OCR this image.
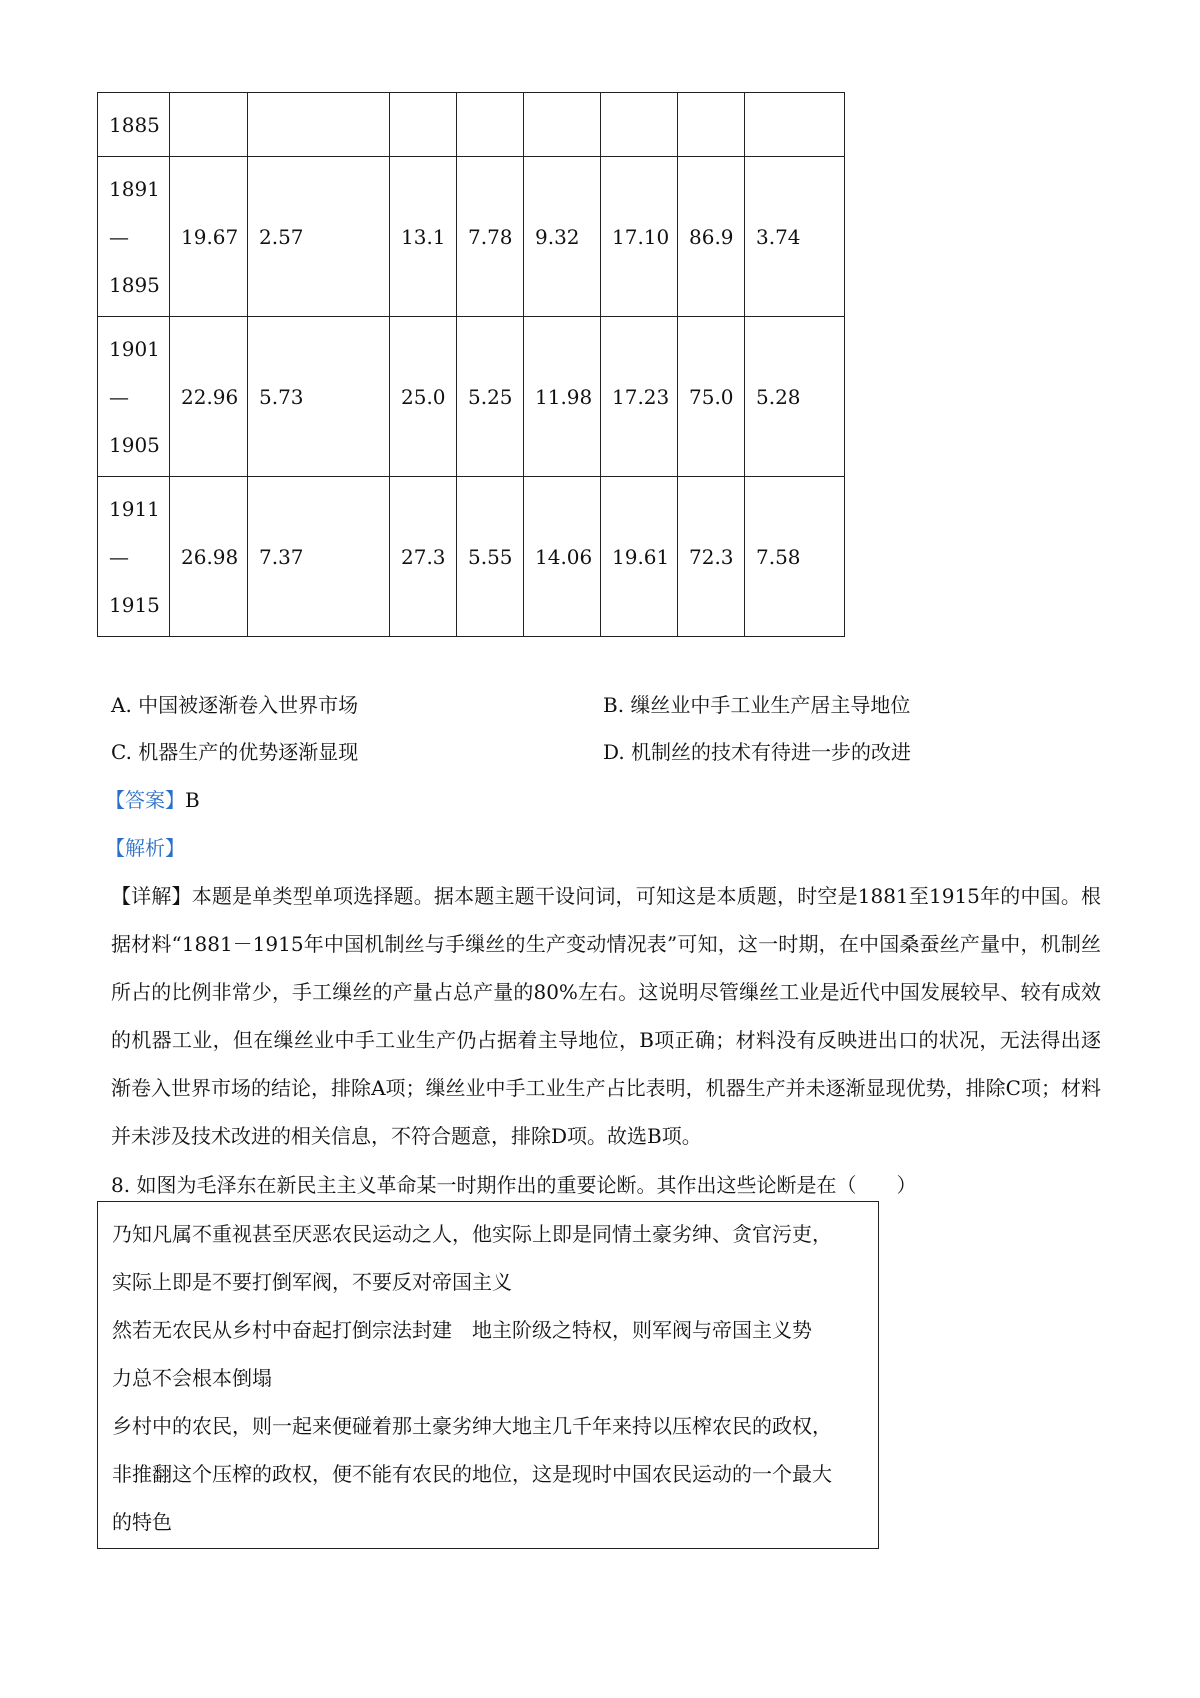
1885								

1891
—
1895	19.67	2.57	13.1	7.78	9.32	17.10	86.9	3.74

1901
—
1905	22.96	5.73	25.0	5.25	11.98	17.23	75.0	5.28

1911
—
1915	26.98	7.37	27.3	5.55	14.06	19.61	72.3	7.58
A. 中国被逐渐卷入世界市场	B. 缫丝业中手工业生产居主导地位
C. 机器生产的优势逐渐显现	D. 机制丝的技术有待进一步的改进
【答案】B
【解析】
【详解】本题是单类型单项选择题。据本题主题干设问词，可知这是本质题，时空是1881至1915年的中国。根据材料“1881－1915年中国机制丝与手缫丝的生产变动情况表”可知，这一时期，在中国桑蚕丝产量中，机制丝所占的比例非常少，手工缫丝的产量占总产量的80%左右。这说明尽管缫丝工业是近代中国发展较早、较有成效的机器工业，但在缫丝业中手工业生产仍占据着主导地位，B项正确；材料没有反映进出口的状况，无法得出逐渐卷入世界市场的结论，排除A项；缫丝业中手工业生产占比表明，机器生产并未逐渐显现优势，排除C项；材料并未涉及技术改进的相关信息，不符合题意，排除D项。故选B项。
8. 如图为毛泽东在新民主主义革命某一时期作出的重要论断。其作出这些论断是在（　　）
乃知凡属不重视甚至厌恶农民运动之人，他实际上即是同情土豪劣绅、贪官污吏，
实际上即是不要打倒军阀，不要反对帝国主义
然若无农民从乡村中奋起打倒宗法封建　地主阶级之特权，则军阀与帝国主义势
力总不会根本倒塌
乡村中的农民，则一起来便碰着那土豪劣绅大地主几千年来持以压榨农民的政权，
非推翻这个压榨的政权，便不能有农民的地位，这是现时中国农民运动的一个最大
的特色
